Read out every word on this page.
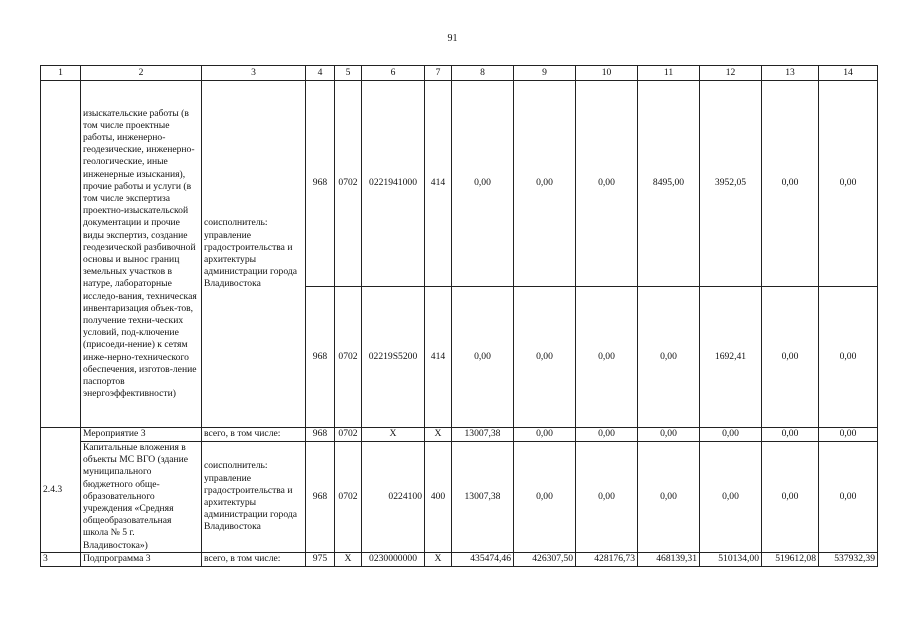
91
1	2	3	4	5	6	7	8	9	10	11	12	13	14
	изыскательские работы (в том числе проектные работы, инженерно-геодезические, инженерно-геологические, иные инженерные изыскания), прочие работы и услуги (в том числе экспертиза проектно-изыскательской документации и прочие виды экспертиз, создание геодезической разбивочной основы и вынос границ земельных участков в натуре, лабораторные исследо-вания, техническая инвентаризация объек-тов, получение техни-ческих условий, под-ключение (присоеди-нение) к сетям инже-нерно-технического обеспечения, изготов-ление паспортов энергоэффективности)	соисполнитель: управление градостроительства и архитектуры администрации города Владивостока	968	0702	0221941000	414	0,00	0,00	0,00	8495,00	3952,05	0,00	0,00
			968	0702	02219S5200	414	0,00	0,00	0,00	0,00	1692,41	0,00	0,00
2.4.3	Мероприятие 3	всего, в том числе:	968	0702	X	X	13007,38	0,00	0,00	0,00	0,00	0,00	0,00
	Капитальные вложения в объекты МС ВГО (здание муниципального бюджетного обще-образовательного учреждения «Средняя общеобразовательная школа № 5 г. Владивостока»)	соисполнитель: управление градостроительства и архитектуры администрации города Владивостока	968	0702	0224100	400	13007,38	0,00	0,00	0,00	0,00	0,00	0,00
3	Подпрограмма 3	всего, в том числе:	975	X	0230000000	X	435474,46	426307,50	428176,73	468139,31	510134,00	519612,08	537932,39
